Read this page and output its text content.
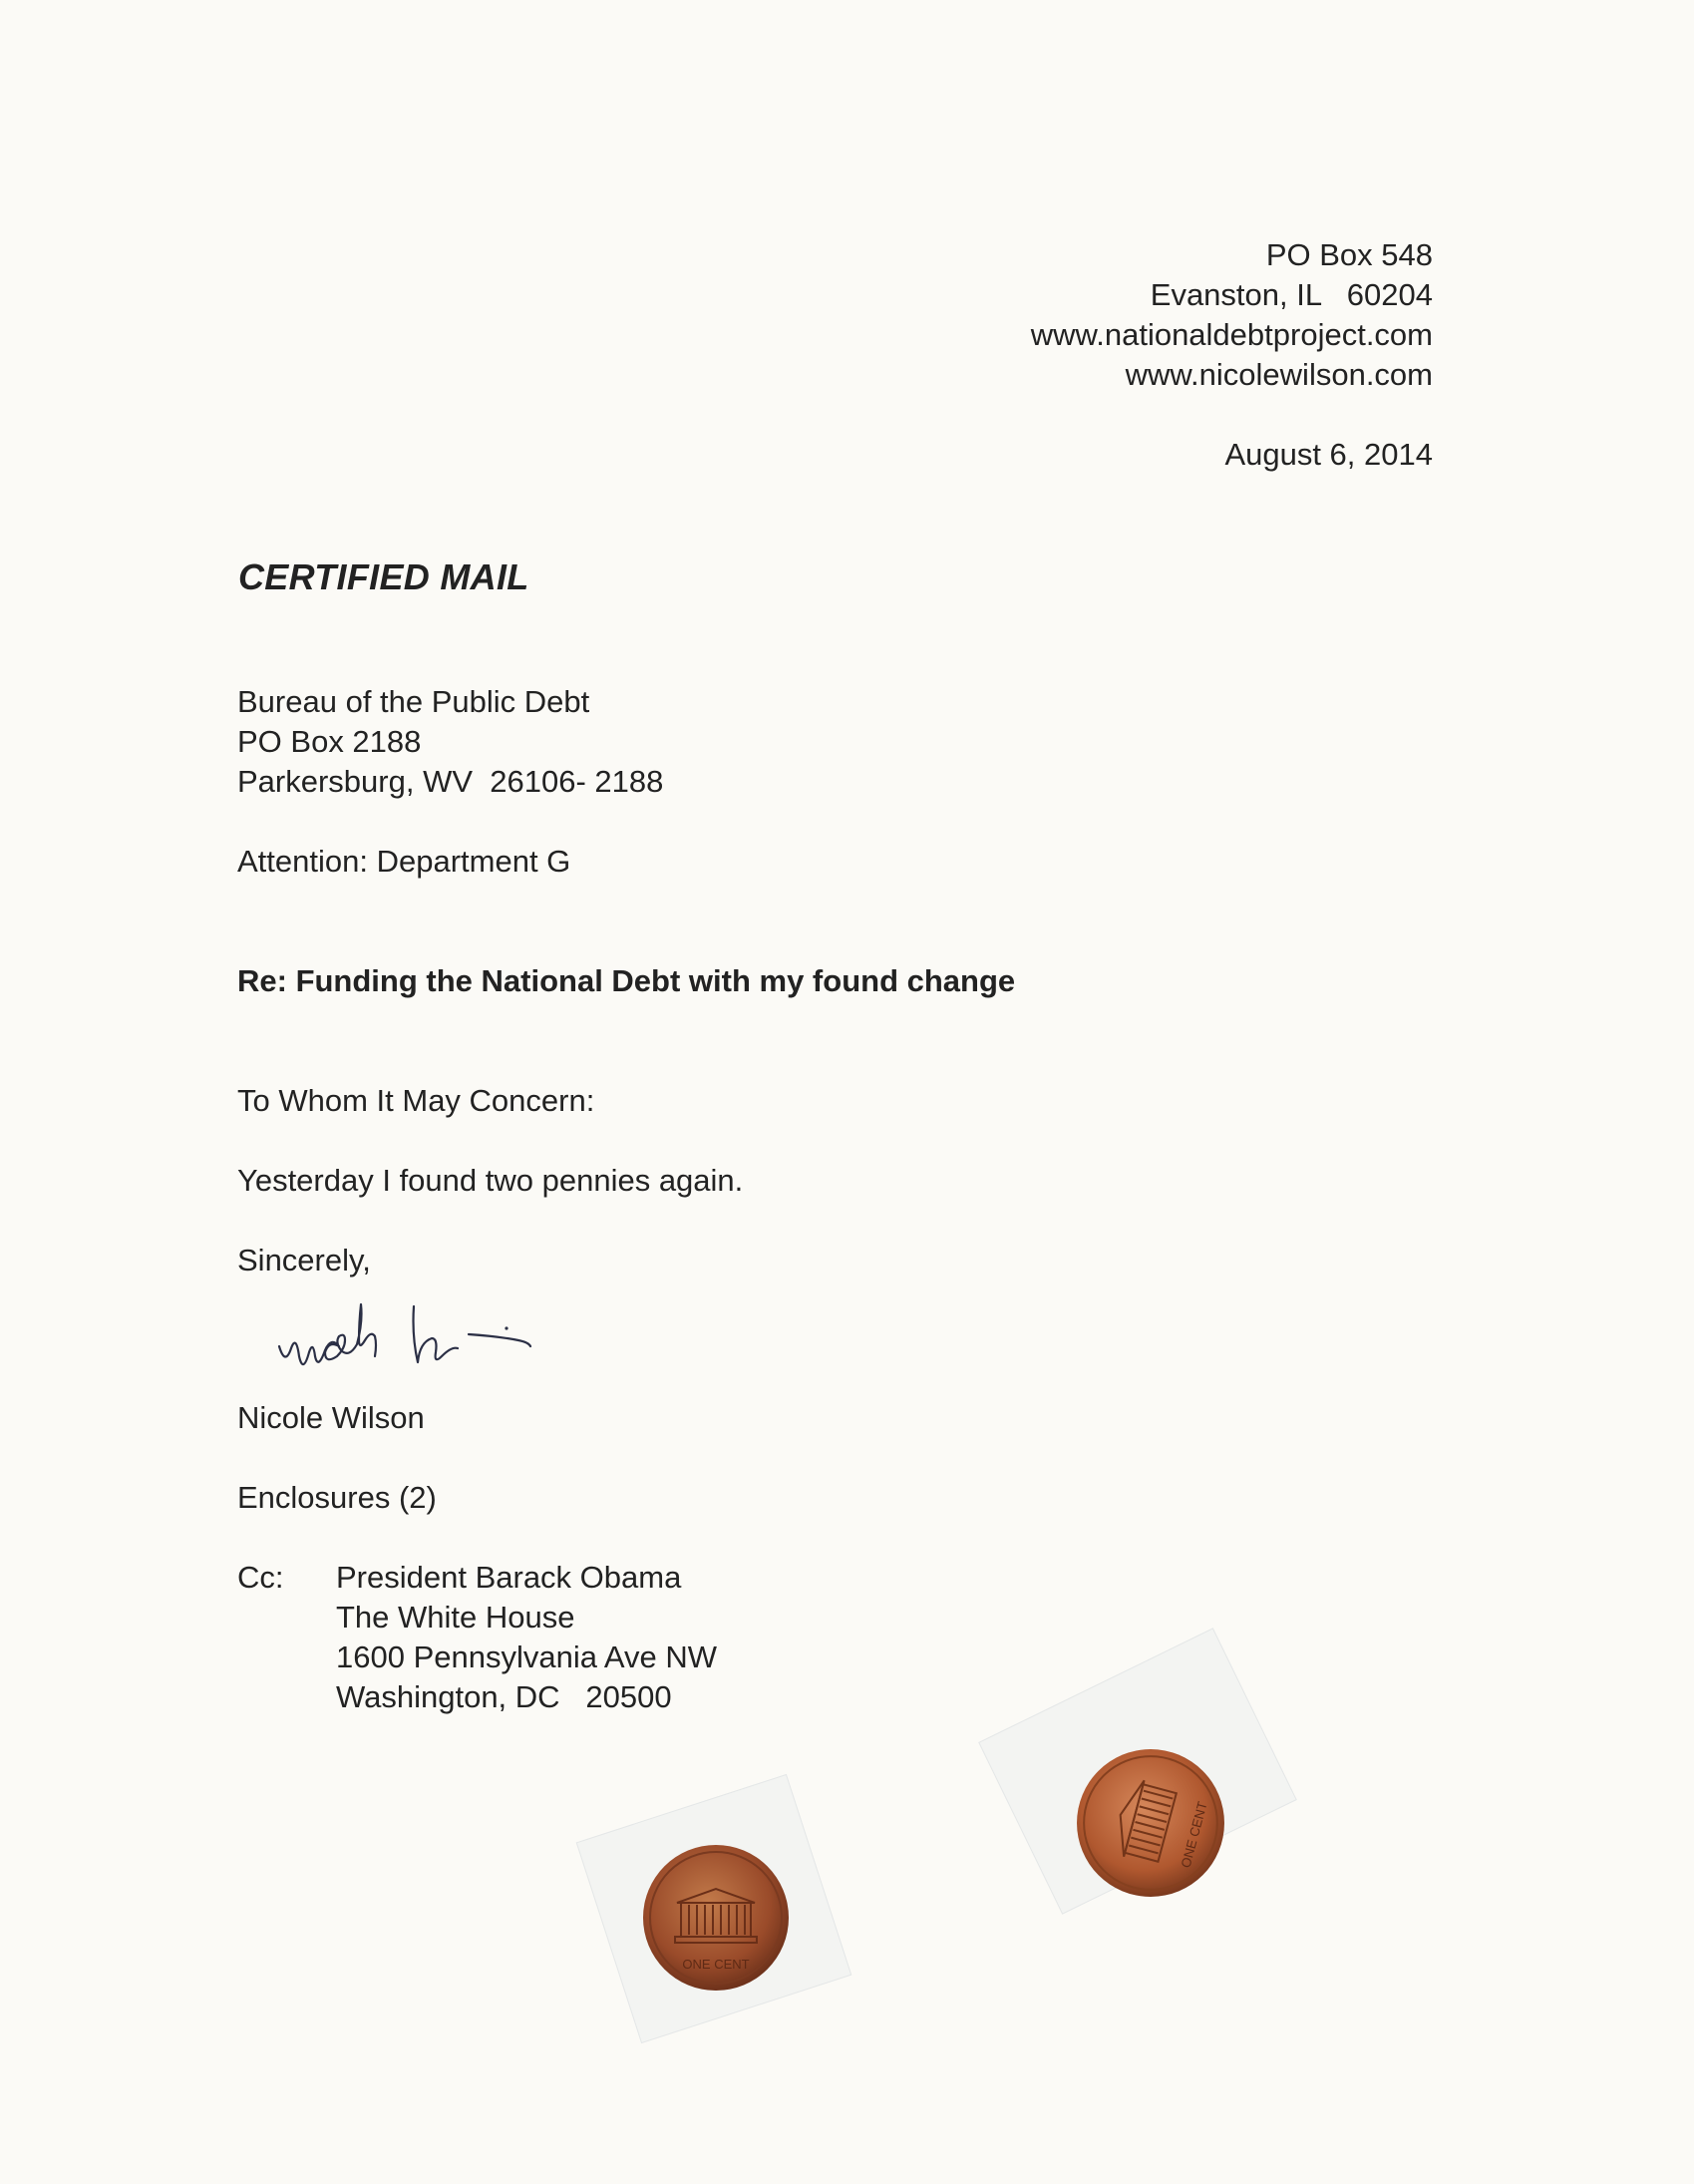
PO Box 548
Evanston, IL   60204
www.nationaldebtproject.com
www.nicolewilson.com
August 6, 2014
CERTIFIED MAIL
Bureau of the Public Debt
PO Box 2188
Parkersburg, WV  26106- 2188
Attention: Department G
Re: Funding the National Debt with my found change
To Whom It May Concern:
Yesterday I found two pennies again.
Sincerely,
Nicole Wilson
Enclosures (2)
Cc: President Barack Obama
The White House
1600 Pennsylvania Ave NW
Washington, DC   20500
ONE CENT
ONE CENT
